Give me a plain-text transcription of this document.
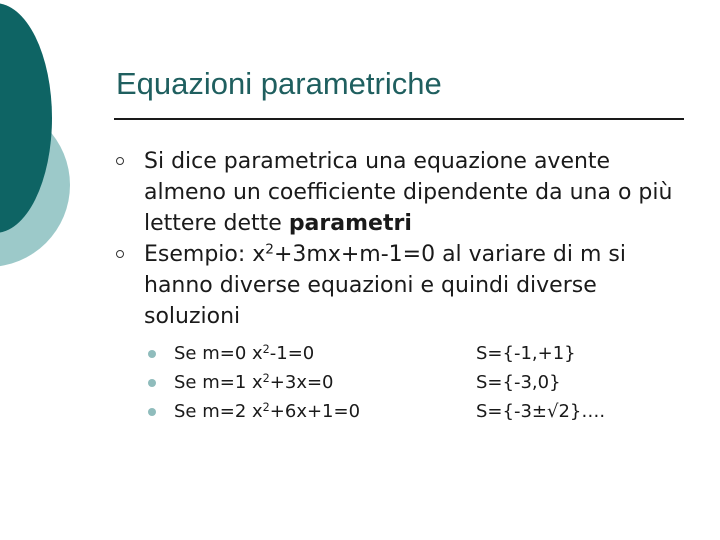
Equazioni parametriche
Si dice parametrica una equazione avente almeno un coefficiente dipendente da una o più lettere dette parametri
Esempio: $x^2+3mx+m-1=0$ al variare di m si hanno diverse equazioni e quindi diverse soluzioni
Se m=0 $x^2-1=0$	S={-1,+1}
Se m=1 $x^2+3x=0$	S={-3,0}
Se m=2 $x^2+6x+1=0$	S={-3±√2}….
